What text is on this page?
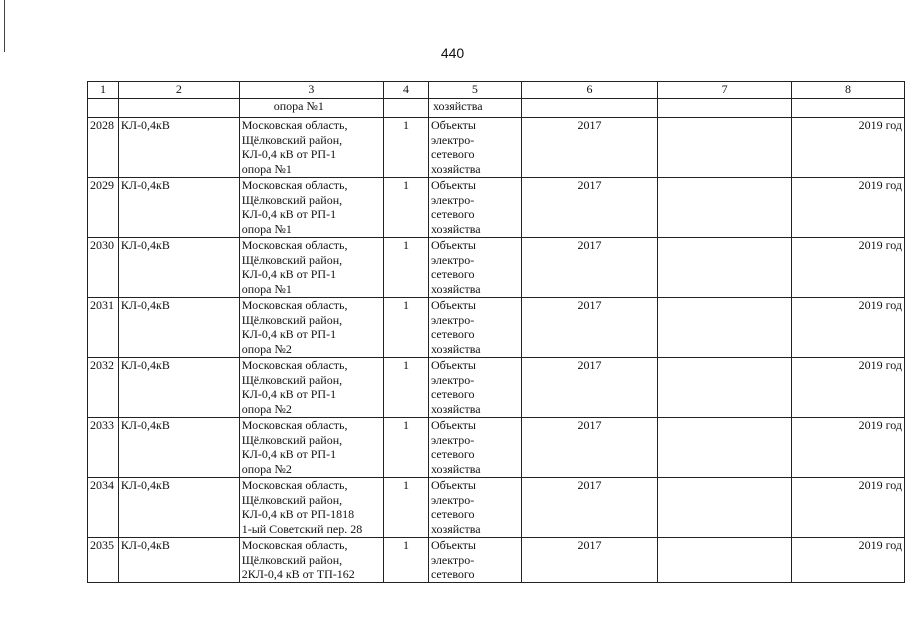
440
1	2	3	4	5	6	7	8
		опора №1		хозяйства			
2028	КЛ-0,4кВ	Московская область,
Щёлковский район,
КЛ-0,4 кВ от РП-1
опора №1	1	Объекты
электро-
сетевого
хозяйства	2017		2019 год
2029	КЛ-0,4кВ	Московская область,
Щёлковский район,
КЛ-0,4 кВ от РП-1
опора №1	1	Объекты
электро-
сетевого
хозяйства	2017		2019 год
2030	КЛ-0,4кВ	Московская область,
Щёлковский район,
КЛ-0,4 кВ от РП-1
опора №1	1	Объекты
электро-
сетевого
хозяйства	2017		2019 год
2031	КЛ-0,4кВ	Московская область,
Щёлковский район,
КЛ-0,4 кВ от РП-1
опора №2	1	Объекты
электро-
сетевого
хозяйства	2017		2019 год
2032	КЛ-0,4кВ	Московская область,
Щёлковский район,
КЛ-0,4 кВ от РП-1
опора №2	1	Объекты
электро-
сетевого
хозяйства	2017		2019 год
2033	КЛ-0,4кВ	Московская область,
Щёлковский район,
КЛ-0,4 кВ от РП-1
опора №2	1	Объекты
электро-
сетевого
хозяйства	2017		2019 год
2034	КЛ-0,4кВ	Московская область,
Щёлковский район,
КЛ-0,4 кВ от РП-1818
1-ый Советский пер. 28	1	Объекты
электро-
сетевого
хозяйства	2017		2019 год
2035	КЛ-0,4кВ	Московская область,
Щёлковский район,
2КЛ-0,4 кВ от ТП-162	1	Объекты
электро-
сетевого	2017		2019 год
